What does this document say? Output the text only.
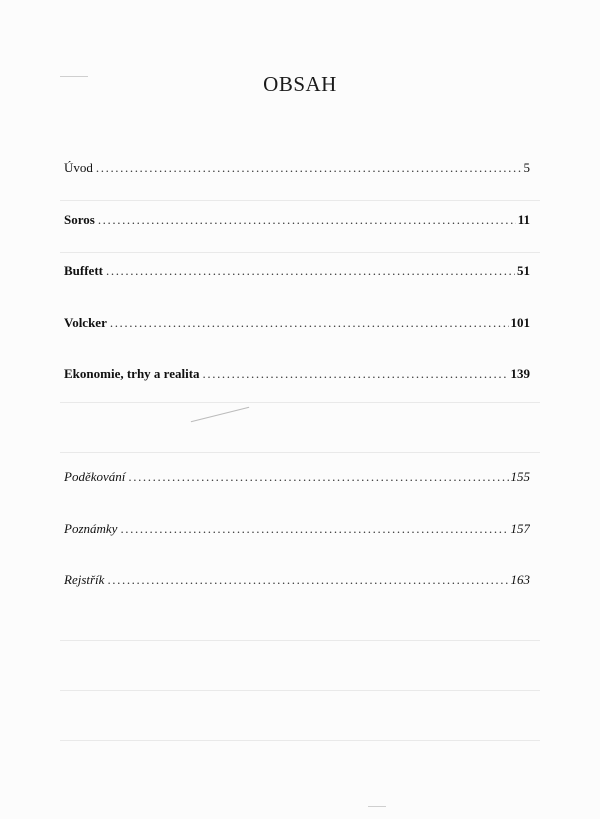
OBSAH
Úvod .....	5
Soros .....	11
Buffett .....	51
Volcker .....	101
Ekonomie, trhy a realita .....	139
Poděkování .....	155
Poznámky .....	157
Rejstřík .....	163
